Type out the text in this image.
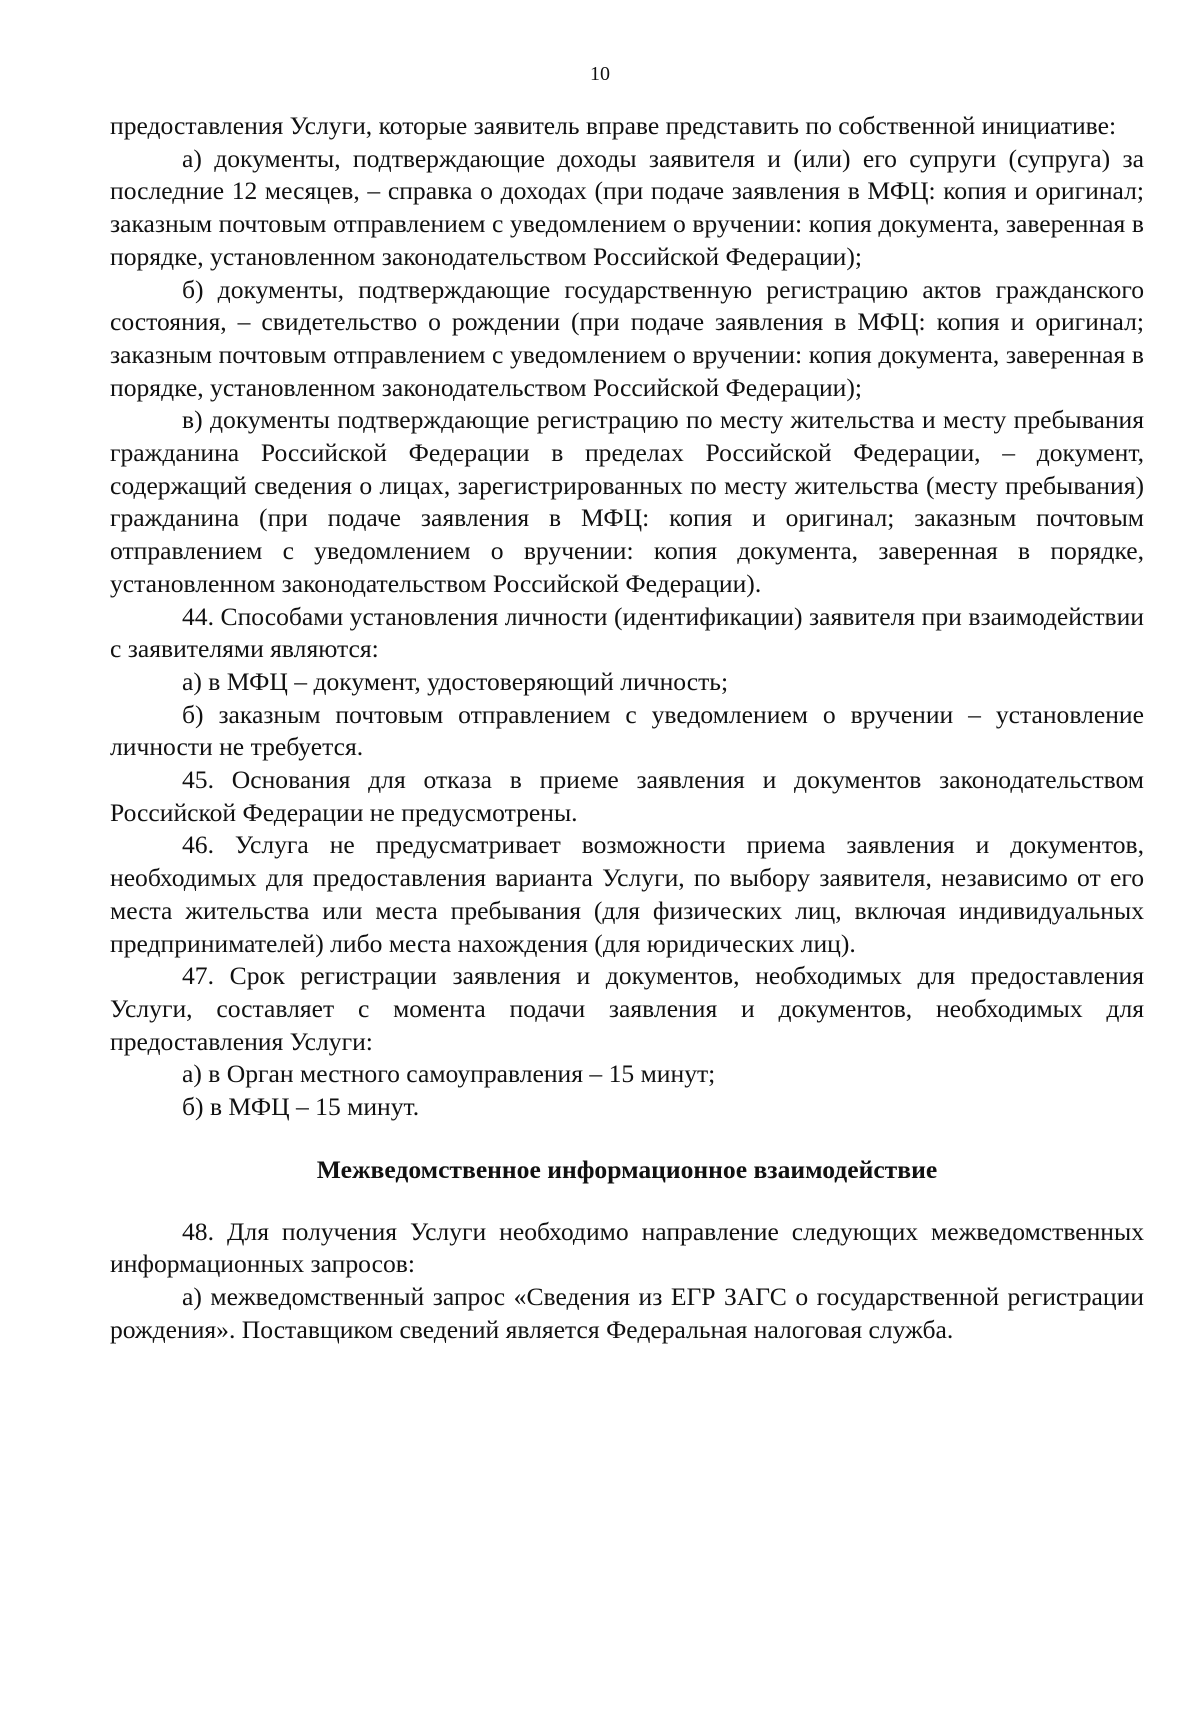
10

предоставления Услуги, которые заявитель вправе представить по собственной инициативе:

а) документы, подтверждающие доходы заявителя и (или) его супруги (супруга) за последние 12 месяцев, – справка о доходах (при подаче заявления в МФЦ: копия и оригинал; заказным почтовым отправлением с уведомлением о вручении: копия документа, заверенная в порядке, установленном законодательством Российской Федерации);

б) документы, подтверждающие государственную регистрацию актов гражданского состояния, – свидетельство о рождении (при подаче заявления в МФЦ: копия и оригинал; заказным почтовым отправлением с уведомлением о вручении: копия документа, заверенная в порядке, установленном законодательством Российской Федерации);

в) документы подтверждающие регистрацию по месту жительства и месту пребывания гражданина Российской Федерации в пределах Российской Федерации, – документ, содержащий сведения о лицах, зарегистрированных по месту жительства (месту пребывания) гражданина (при подаче заявления в МФЦ: копия и оригинал; заказным почтовым отправлением с уведомлением о вручении: копия документа, заверенная в порядке, установленном законодательством Российской Федерации).

44. Способами установления личности (идентификации) заявителя при взаимодействии с заявителями являются:

а) в МФЦ – документ, удостоверяющий личность;

б) заказным почтовым отправлением с уведомлением о вручении – установление личности не требуется.

45. Основания для отказа в приеме заявления и документов законодательством Российской Федерации не предусмотрены.

46. Услуга не предусматривает возможности приема заявления и документов, необходимых для предоставления варианта Услуги, по выбору заявителя, независимо от его места жительства или места пребывания (для физических лиц, включая индивидуальных предпринимателей) либо места нахождения (для юридических лиц).

47. Срок регистрации заявления и документов, необходимых для предоставления Услуги, составляет с момента подачи заявления и документов, необходимых для предоставления Услуги:

а) в Орган местного самоуправления – 15 минут;

б) в МФЦ – 15 минут.

Межведомственное информационное взаимодействие

48. Для получения Услуги необходимо направление следующих межведомственных информационных запросов:

а) межведомственный запрос «Сведения из ЕГР ЗАГС о государственной регистрации рождения». Поставщиком сведений является Федеральная налоговая служба.
